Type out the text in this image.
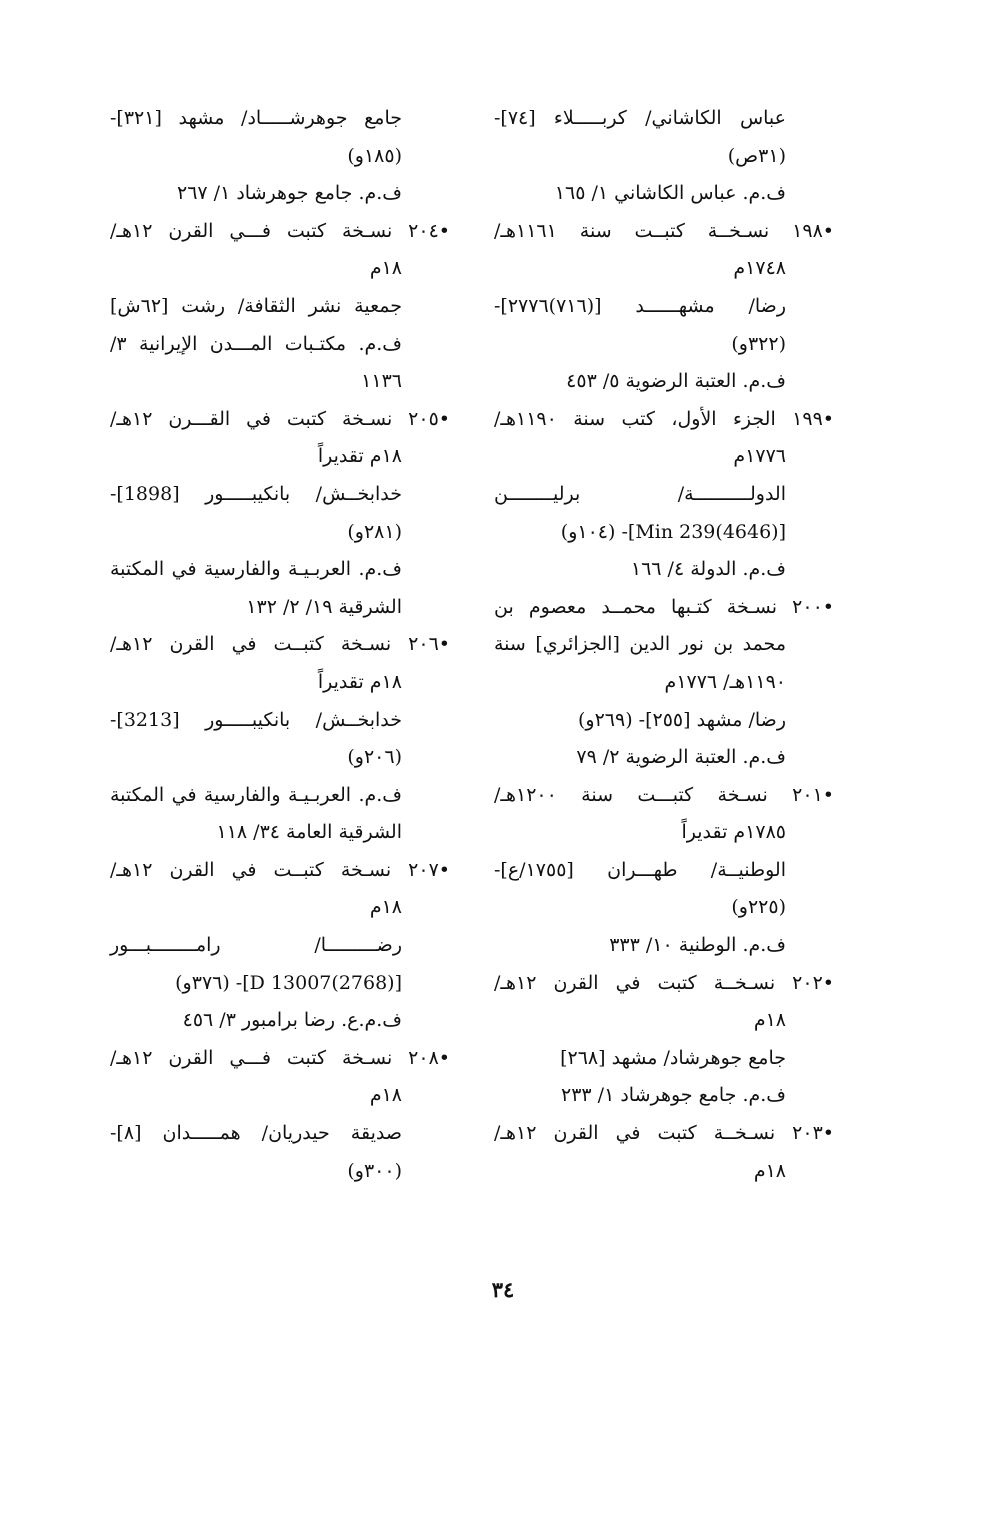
عباس الكاشاني/ كربـــــلاء [٧٤]-
(٣١ص)
ف.م. عباس الكاشاني ١/ ١٦٥
•١٩٨ نسـخــة كتبــت سنة ١١٦١هـ/
١٧٤٨م
رضا/ مشهــــــد [(٧١٦)٢٧٧٦]-
(٣٢٢و)
ف.م. العتبة الرضوية ٥/ ٤٥٣
•١٩٩ الجزء الأول، كتب سنة ١١٩٠هـ/
١٧٧٦م
الدولــــــــــة/ برليــــــــن
[(4646)Min 239]- (١٠٤و)
ف.م. الدولة ٤/ ١٦٦
•٢٠٠ نسـخة كتـبها محمــد معصوم بن
محمد بن نور الدين [الجزائري] سنة
١١٩٠هـ/ ١٧٧٦م
رضا/ مشهد [٢٥٥]- (٢٦٩و)
ف.م. العتبة الرضوية ٢/ ٧٩
•٢٠١ نسـخة كتبـــت سنة ١٢٠٠هـ/
١٧٨٥م تقديراً
الوطنيــة/ طهـــران [١٧٥٥/ع]-
(٢٢٥و)
ف.م. الوطنية ١٠/ ٣٣٣
•٢٠٢ نسـخــة كتبت في القرن ١٢هـ/
١٨م
جامع جوهرشاد/ مشهد [٢٦٨]
ف.م. جامع جوهرشاد ١/ ٢٣٣
•٢٠٣ نسـخــة كتبت في القرن ١٢هـ/
١٨م
جامع جوهرشـــــاد/ مشهد [٣٢١]-
(١٨٥و)
ف.م. جامع جوهرشاد ١/ ٢٦٧
•٢٠٤ نسـخة كتبت فـــي القرن ١٢هـ/
١٨م
جمعية نشر الثقافة/ رشت [٦٢ش]
ف.م. مكتـبات المـــدن الإيرانية ٣/
١١٣٦
•٢٠٥ نسـخة كتبت في القـــرن ١٢هـ/
١٨م تقديراً
خدابخــش/ بانكيبـــــور [1898]-
(٢٨١و)
ف.م. العربـيـة والفارسية في المكتبة
الشرقية ١٩/ ٢/ ١٣٢
•٢٠٦ نسـخة كتبــت في القرن ١٢هـ/
١٨م تقديراً
خدابخــش/ بانكيبـــــور [3213]-
(٢٠٦و)
ف.م. العربـيـة والفارسية في المكتبة
الشرقية العامة ٣٤/ ١١٨
•٢٠٧ نسـخة كتبــت في القرن ١٢هـ/
١٨م
رضـــــــــا/ رامــــــــبـــور
[(2768)13007 D]- (٣٧٦و)
ف.م.ع. رضا برامبور ٣/ ٤٥٦
•٢٠٨ نسـخة كتبت فـــي القرن ١٢هـ/
١٨م
صديقة حيدريان/ همـــــدان [٨]-
(٣٠٠و)
٣٤
